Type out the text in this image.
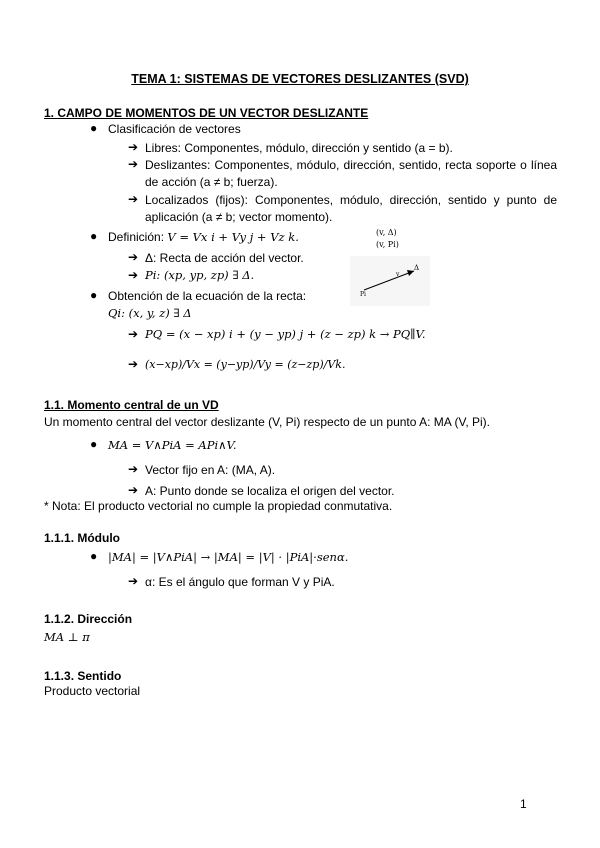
TEMA 1: SISTEMAS DE VECTORES DESLIZANTES (SVD)
1. CAMPO DE MOMENTOS DE UN VECTOR DESLIZANTE
● Clasificación de vectores
➔ Libres: Componentes, módulo, dirección y sentido (a = b).
➔ Deslizantes: Componentes, módulo, dirección, sentido, recta soporte o línea de acción (a ≠ b; fuerza).
➔ Localizados (fijos): Componentes, módulo, dirección, sentido y punto de aplicación (a ≠ b; vector momento).
● Definición: V = Vx i + Vy j + Vz k.
➔ Δ: Recta de acción del vector.
➔ Pi: (xp, yp, zp) ∃ Δ.
(v, Δ)
(v, Pi)
Δ
v
Pi
● Obtención de la ecuación de la recta:
Qi: (x, y, z) ∃ Δ
➔ PQ = (x − xp) i + (y − yp) j + (z − zp) k → PQ∥V.
➔ (x−xp)/Vx = (y−yp)/Vy = (z−zp)/Vk.
1.1. Momento central de un VD
Un momento central del vector deslizante (V, Pi) respecto de un punto A: MA (V, Pi).
● MA = V∧PiA = APi∧V.
➔ Vector fijo en A: (MA, A).
➔ A: Punto donde se localiza el origen del vector.
* Nota: El producto vectorial no cumple la propiedad conmutativa.
1.1.1. Módulo
● |MA| = |V∧PiA| → |MA| = |V| · |PiA|·senα.
➔ α: Es el ángulo que forman V y PiA.
1.1.2. Dirección
MA ⊥ π
1.1.3. Sentido
Producto vectorial
1
